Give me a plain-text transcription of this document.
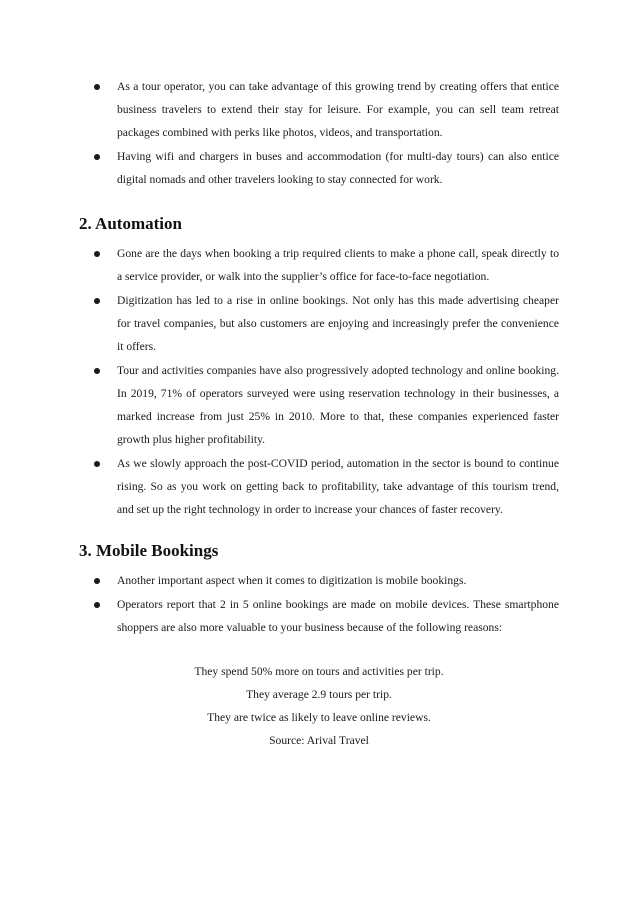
As a tour operator, you can take advantage of this growing trend by creating offers that entice business travelers to extend their stay for leisure. For example, you can sell team retreat packages combined with perks like photos, videos, and transportation.
Having wifi and chargers in buses and accommodation (for multi-day tours) can also entice digital nomads and other travelers looking to stay connected for work.
2. Automation
Gone are the days when booking a trip required clients to make a phone call, speak directly to a service provider, or walk into the supplier’s office for face-to-face negotiation.
Digitization has led to a rise in online bookings. Not only has this made advertising cheaper for travel companies, but also customers are enjoying and increasingly prefer the convenience it offers.
Tour and activities companies have also progressively adopted technology and online booking. In 2019, 71% of operators surveyed were using reservation technology in their businesses, a marked increase from just 25% in 2010. More to that, these companies experienced faster growth plus higher profitability.
As we slowly approach the post-COVID period, automation in the sector is bound to continue rising. So as you work on getting back to profitability, take advantage of this tourism trend, and set up the right technology in order to increase your chances of faster recovery.
3. Mobile Bookings
Another important aspect when it comes to digitization is mobile bookings.
Operators report that 2 in 5 online bookings are made on mobile devices. These smartphone shoppers are also more valuable to your business because of the following reasons:
They spend 50% more on tours and activities per trip.
They average 2.9 tours per trip.
They are twice as likely to leave online reviews.
Source: Arival Travel
